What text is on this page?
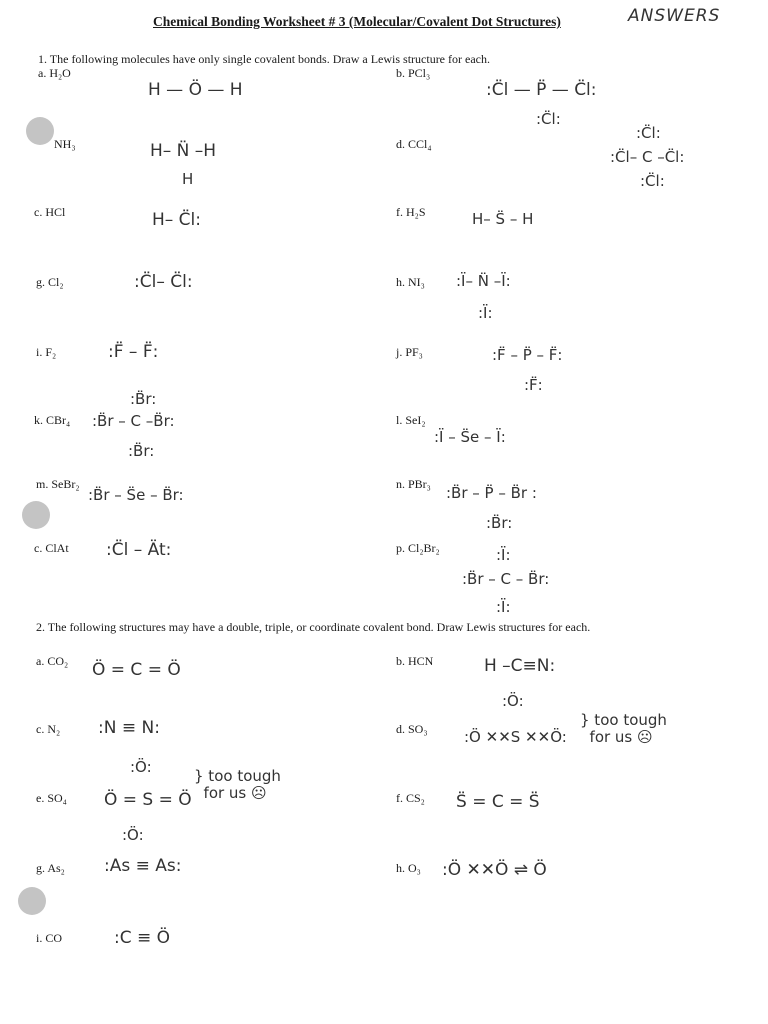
Chemical Bonding Worksheet # 3 (Molecular/Covalent Dot Structures)	ANSWERS
1. The following molecules have only single covalent bonds. Draw a Lewis structure for each.
a. H₂O
H — Ö — H
b. PCl₃
:C̈l — P̈ — C̈l:
:C̈l:
NH₃	H– N̈ –H
H
d. CCl₄
:C̈l:
:C̈l– C –C̈l:
:C̈l:
c. HCl	H– C̈l:	f. H₂S	H– S̈ – H
g. Cl₂	:C̈l– C̈l:	h. NI₃ :Ï– N̈ –Ï:
:Ï:
i. F₂	:F̈ – F̈:	j. PF₃	:F̈ – P̈ – F̈:
:F̈:
k. CBr₄
:B̈r:
:B̈r – C –B̈r:
:B̈r:
l. SeI₂
:Ï – S̈e – Ï:
m. SeBr₂
:B̈r – S̈e – B̈r:
n. PBr₃ :B̈r – P̈ – B̈r :
:B̈r:
c. ClAt :C̈l – Ät:	p. Cl₂Br₂	:Ï:
:B̈r – C – B̈r:
:Ï:
2. The following structures may have a double, triple, or coordinate covalent bond. Draw Lewis structures for each.
a. CO₂ Ö = C = Ö	b. HCN	H –C≡N:
c. N₂ :N ≡ N:	d. SO₃
:Ö:
:Ö ✕✕S ✕✕Ö:
} too tough
for us ☹
e. SO₄
:Ö:
Ö = S = Ö
:Ö:
} too tough
for us ☹	f. CS₂ S̈ = C = S̈
g. As₂ :As ≡ As:	h. O₃ :Ö ✕✕Ö ⇌ Ö
i. CO	:C ≡ Ö
